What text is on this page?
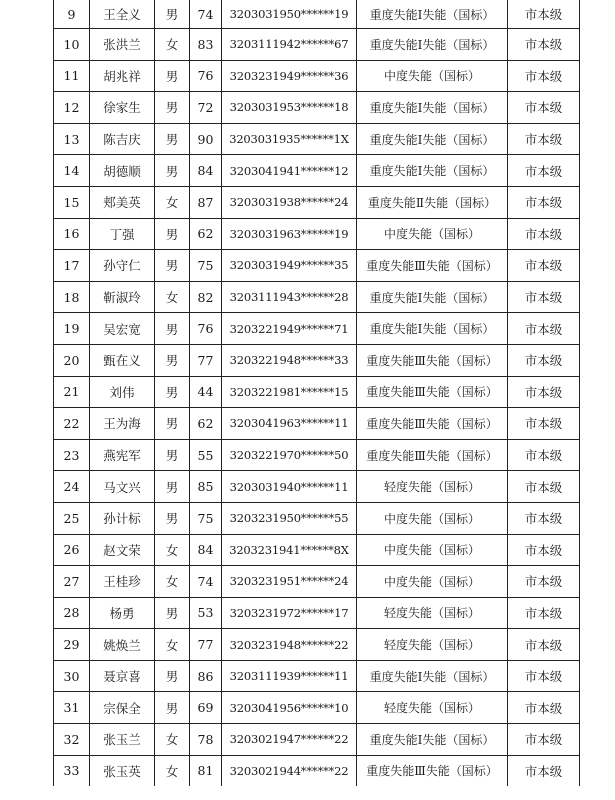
9	王全义	男	74	3203031950******19	重度失能Ⅰ失能（国标）	市本级
10	张洪兰	女	83	3203111942******67	重度失能Ⅰ失能（国标）	市本级
11	胡兆祥	男	76	3203231949******36	中度失能（国标）	市本级
12	徐家生	男	72	3203031953******18	重度失能Ⅰ失能（国标）	市本级
13	陈吉庆	男	90	3203031935******1X	重度失能Ⅰ失能（国标）	市本级
14	胡德顺	男	84	3203041941******12	重度失能Ⅰ失能（国标）	市本级
15	郏美英	女	87	3203031938******24	重度失能Ⅱ失能（国标）	市本级
16	丁强	男	62	3203031963******19	中度失能（国标）	市本级
17	孙守仁	男	75	3203031949******35	重度失能Ⅲ失能（国标）	市本级
18	靳淑玲	女	82	3203111943******28	重度失能Ⅰ失能（国标）	市本级
19	吴宏宽	男	76	3203221949******71	重度失能Ⅰ失能（国标）	市本级
20	甄在义	男	77	3203221948******33	重度失能Ⅲ失能（国标）	市本级
21	刘伟	男	44	3203221981******15	重度失能Ⅲ失能（国标）	市本级
22	王为海	男	62	3203041963******11	重度失能Ⅲ失能（国标）	市本级
23	燕宪军	男	55	3203221970******50	重度失能Ⅲ失能（国标）	市本级
24	马文兴	男	85	3203031940******11	轻度失能（国标）	市本级
25	孙计标	男	75	3203231950******55	中度失能（国标）	市本级
26	赵文荣	女	84	3203231941******8X	中度失能（国标）	市本级
27	王桂珍	女	74	3203231951******24	中度失能（国标）	市本级
28	杨勇	男	53	3203231972******17	轻度失能（国标）	市本级
29	姚焕兰	女	77	3203231948******22	轻度失能（国标）	市本级
30	聂京喜	男	86	3203111939******11	重度失能Ⅰ失能（国标）	市本级
31	宗保全	男	69	3203041956******10	轻度失能（国标）	市本级
32	张玉兰	女	78	3203021947******22	重度失能Ⅰ失能（国标）	市本级
33	张玉英	女	81	3203021944******22	重度失能Ⅲ失能（国标）	市本级
